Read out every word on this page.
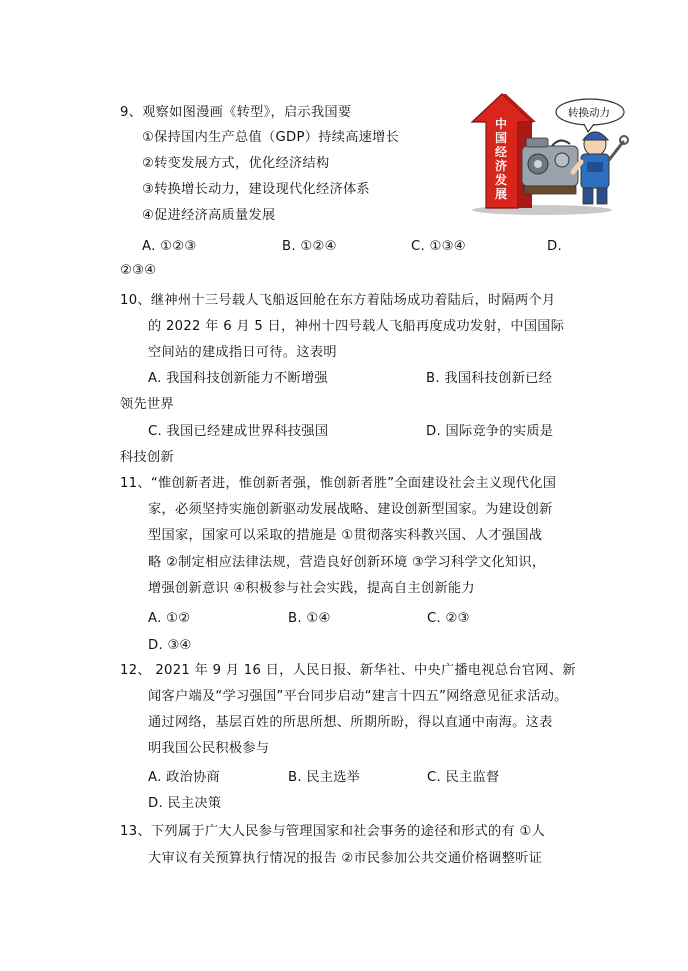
9、观察如图漫画《转型》，启示我国要
①保持国内生产总值（GDP）持续高速增长
②转变发展方式，优化经济结构
③转换增长动力，建设现代化经济体系
④促进经济高质量发展
A. ①②③	B. ①②④	C. ①③④	D.
②③④
中
国
经
济
发
展
转换动力
10、继神州十三号载人飞船返回舱在东方着陆场成功着陆后，时隔两个月
的 2022 年 6 月 5 日，神州十四号载人飞船再度成功发射，中国国际
空间站的建成指日可待。这表明
A. 我国科技创新能力不断增强	B. 我国科技创新已经
领先世界
C. 我国已经建成世界科技强国	D. 国际竞争的实质是
科技创新
11、“惟创新者进，惟创新者强，惟创新者胜”全面建设社会主义现代化国
家，必须坚持实施创新驱动发展战略、建设创新型国家。为建设创新
型国家，国家可以采取的措施是 ①贯彻落实科教兴国、人才强国战
略 ②制定相应法律法规，营造良好创新环境 ③学习科学文化知识，
增强创新意识 ④积极参与社会实践，提高自主创新能力
A. ①②	B. ①④	C. ②③
D. ③④
12、 2021 年 9 月 16 日，人民日报、新华社、中央广播电视总台官网、新
闻客户端及“学习强国”平台同步启动“建言十四五”网络意见征求活动。
通过网络，基层百姓的所思所想、所期所盼，得以直通中南海。这表
明我国公民积极参与
A. 政治协商	B. 民主选举	C. 民主监督
D. 民主决策
13、下列属于广大人民参与管理国家和社会事务的途径和形式的有 ①人
大审议有关预算执行情况的报告 ②市民参加公共交通价格调整听证
